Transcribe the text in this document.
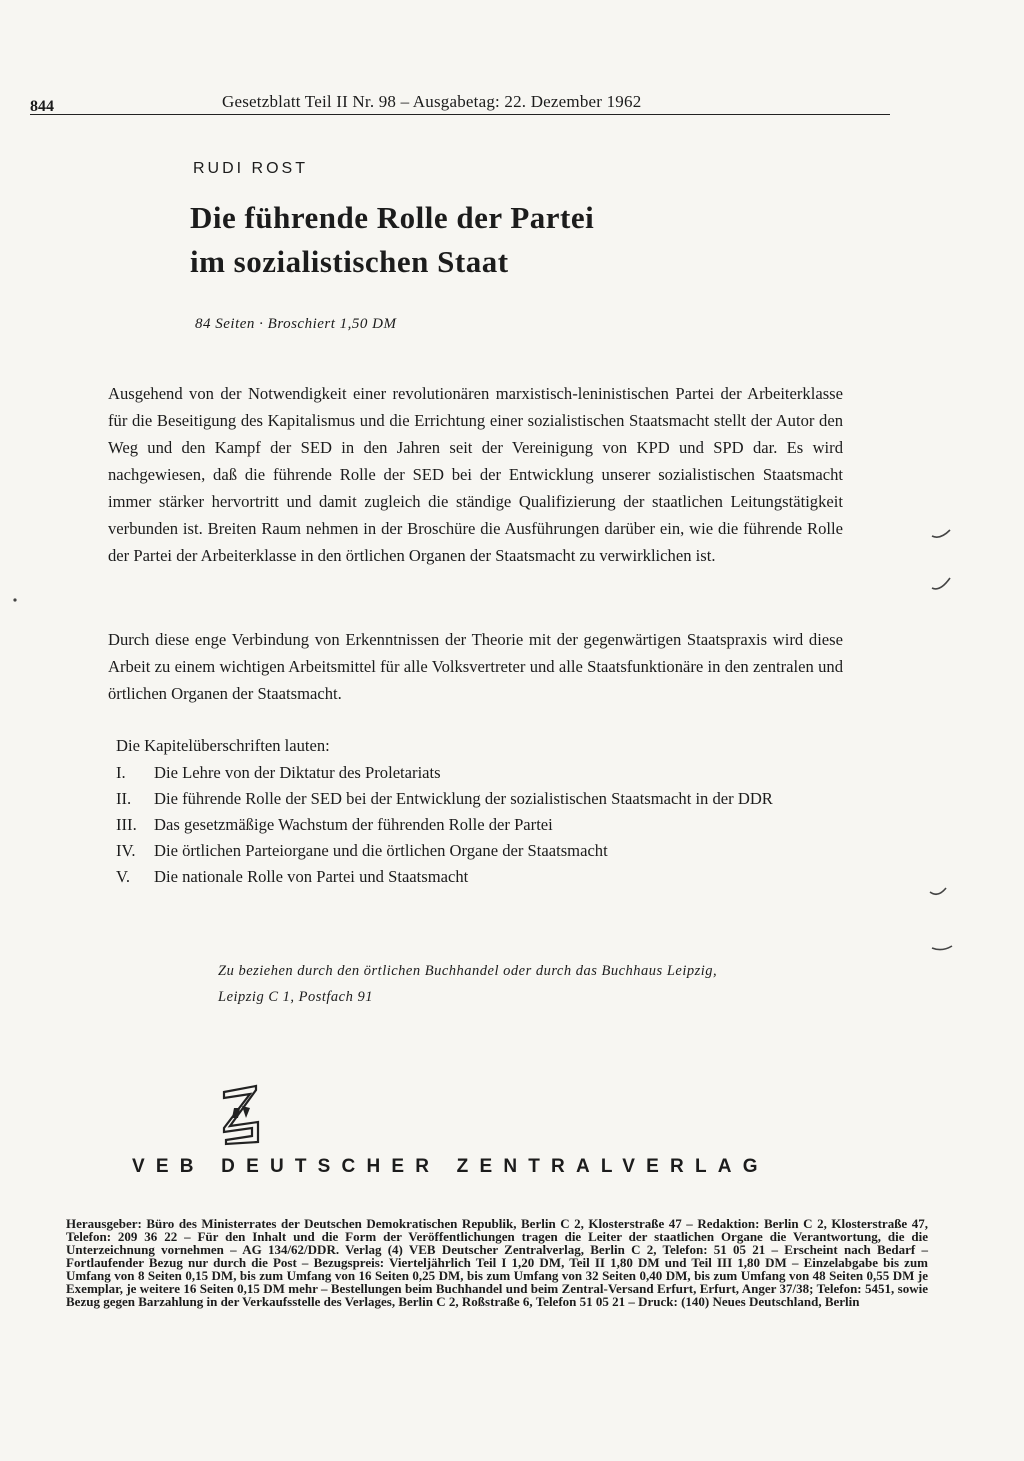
844	Gesetzblatt Teil II Nr. 98 – Ausgabetag: 22. Dezember 1962
RUDI ROST
Die führende Rolle der Partei
im sozialistischen Staat
84 Seiten · Broschiert 1,50 DM

Ausgehend von der Notwendigkeit einer revolutionären marxistisch-leninistischen Partei der Arbeiterklasse für die Beseitigung des Kapitalismus und die Errichtung einer sozialistischen Staatsmacht stellt der Autor den Weg und den Kampf der SED in den Jahren seit der Vereinigung von KPD und SPD dar. Es wird nachgewiesen, daß die führende Rolle der SED bei der Entwicklung unserer sozialistischen Staatsmacht immer stärker hervortritt und damit zugleich die ständige Qualifizierung der staatlichen Leitungstätigkeit verbunden ist. Breiten Raum nehmen in der Broschüre die Ausführungen darüber ein, wie die führende Rolle der Partei der Arbeiterklasse in den örtlichen Organen der Staatsmacht zu verwirklichen ist.

Durch diese enge Verbindung von Erkenntnissen der Theorie mit der gegenwärtigen Staatspraxis wird diese Arbeit zu einem wichtigen Arbeitsmittel für alle Volksvertreter und alle Staatsfunktionäre in den zentralen und örtlichen Organen der Staatsmacht.

Die Kapitelüberschriften lauten:
I.	Die Lehre von der Diktatur des Proletariats
II.	Die führende Rolle der SED bei der Entwicklung der sozialistischen Staatsmacht in der DDR
III.	Das gesetzmäßige Wachstum der führenden Rolle der Partei
IV.	Die örtlichen Parteiorgane und die örtlichen Organe der Staatsmacht
V.	Die nationale Rolle von Partei und Staatsmacht
Zu beziehen durch den örtlichen Buchhandel oder durch das Buchhaus Leipzig,
Leipzig C 1, Postfach 91
VEB DEUTSCHER ZENTRALVERLAG

Herausgeber: Büro des Ministerrates der Deutschen Demokratischen Republik, Berlin C 2, Klosterstraße 47 – Redaktion: Berlin C 2, Klosterstraße 47, Telefon: 209 36 22 – Für den Inhalt und die Form der Veröffentlichungen tragen die Leiter der staatlichen Organe die Verantwortung, die die Unterzeichnung vornehmen – AG 134/62/DDR. Verlag (4) VEB Deutscher Zentralverlag, Berlin C 2, Telefon: 51 05 21 – Erscheint nach Bedarf – Fortlaufender Bezug nur durch die Post – Bezugspreis: Vierteljährlich Teil I 1,20 DM, Teil II 1,80 DM und Teil III 1,80 DM – Einzelabgabe bis zum Umfang von 8 Seiten 0,15 DM, bis zum Umfang von 16 Seiten 0,25 DM, bis zum Umfang von 32 Seiten 0,40 DM, bis zum Umfang von 48 Seiten 0,55 DM je Exemplar, je weitere 16 Seiten 0,15 DM mehr – Bestellungen beim Buchhandel und beim Zentral-Versand Erfurt, Erfurt, Anger 37/38; Telefon: 5451, sowie Bezug gegen Barzahlung in der Verkaufsstelle des Verlages, Berlin C 2, Roßstraße 6, Telefon 51 05 21 – Druck: (140) Neues Deutschland, Berlin
